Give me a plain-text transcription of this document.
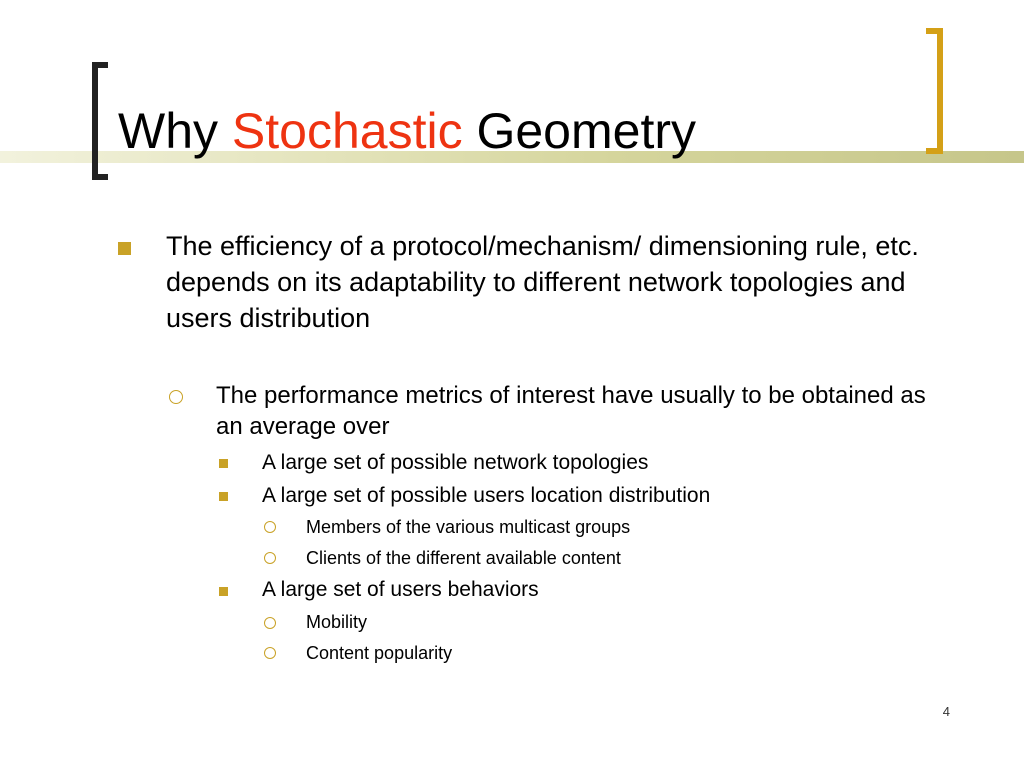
Why Stochastic Geometry

The efficiency of a protocol/mechanism/ dimensioning rule, etc. depends on its adaptability to different network topologies and users distribution

The performance metrics of interest have usually to be obtained as an average over

A large set of possible network topologies

A large set of possible users location distribution

Members of the various multicast groups

Clients of the different available content

A large set of users behaviors

Mobility

Content popularity

4
